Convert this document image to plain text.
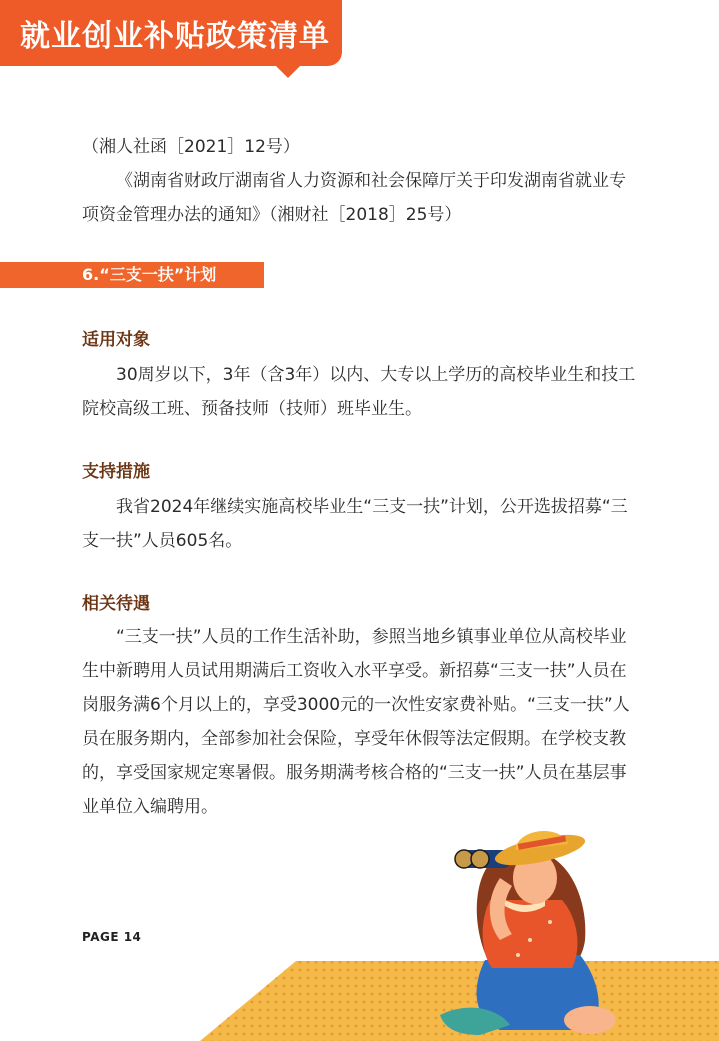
就业创业补贴政策清单

（湘人社函［2021］12号）

《湖南省财政厅湖南省人力资源和社会保障厅关于印发湖南省就业专项资金管理办法的通知》（湘财社［2018］25号）

6.“三支一扶”计划
适用对象

30周岁以下，3年（含3年）以内、大专以上学历的高校毕业生和技工院校高级工班、预备技师（技师）班毕业生。

支持措施

我省2024年继续实施高校毕业生“三支一扶”计划，公开选拔招募“三支一扶”人员605名。

相关待遇

“三支一扶”人员的工作生活补助，参照当地乡镇事业单位从高校毕业生中新聘用人员试用期满后工资收入水平享受。新招募“三支一扶”人员在岗服务满6个月以上的，享受3000元的一次性安家费补贴。“三支一扶”人员在服务期内，全部参加社会保险，享受年休假等法定假期。在学校支教的，享受国家规定寒暑假。服务期满考核合格的“三支一扶”人员在基层事业单位入编聘用。

PAGE 14
